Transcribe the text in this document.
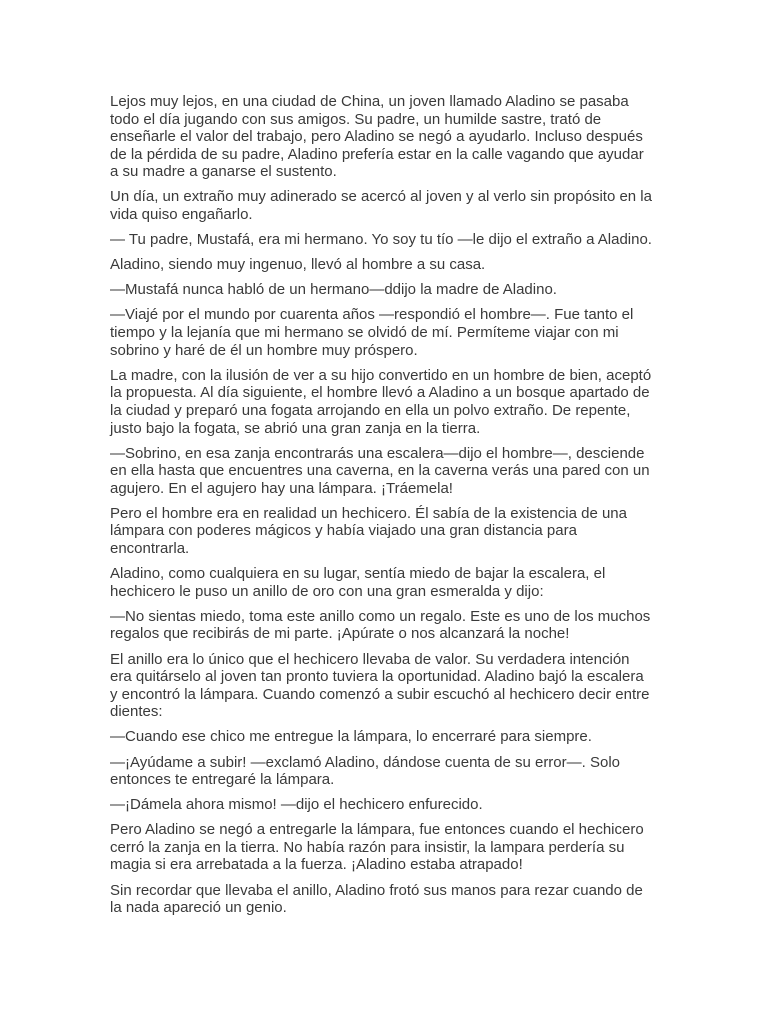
Lejos muy lejos, en una ciudad de China, un joven llamado Aladino se pasaba todo el día jugando con sus amigos. Su padre, un humilde sastre, trató de enseñarle el valor del trabajo, pero Aladino se negó a ayudarlo. Incluso después de la pérdida de su padre, Aladino prefería estar en la calle vagando que ayudar a su madre a ganarse el sustento.

Un día, un extraño muy adinerado se acercó al joven y al verlo sin propósito en la vida quiso engañarlo.

— Tu padre, Mustafá, era mi hermano. Yo soy tu tío —le dijo el extraño a Aladino.

Aladino, siendo muy ingenuo, llevó al hombre a su casa.

—Mustafá nunca habló de un hermano—ddijo la madre de Aladino.

—Viajé por el mundo por cuarenta años —respondió el hombre—. Fue tanto el tiempo y la lejanía que mi hermano se olvidó de mí. Permíteme viajar con mi sobrino y haré de él un hombre muy próspero.

La madre, con la ilusión de ver a su hijo convertido en un hombre de bien, aceptó la propuesta. Al día siguiente, el hombre llevó a Aladino a un bosque apartado de la ciudad y preparó una fogata arrojando en ella un polvo extraño. De repente, justo bajo la fogata, se abrió una gran zanja en la tierra.

—Sobrino, en esa zanja encontrarás una escalera—dijo el hombre—, desciende en ella hasta que encuentres una caverna, en la caverna verás una pared con un agujero. En el agujero hay una lámpara. ¡Tráemela!

Pero el hombre era en realidad un hechicero. Él sabía de la existencia de una lámpara con poderes mágicos y había viajado una gran distancia para encontrarla.

Aladino, como cualquiera en su lugar, sentía miedo de bajar la escalera, el hechicero le puso un anillo de oro con una gran esmeralda y dijo:

—No sientas miedo, toma este anillo como un regalo. Este es uno de los muchos regalos que recibirás de mi parte. ¡Apúrate o nos alcanzará la noche!

El anillo era lo único que el hechicero llevaba de valor. Su verdadera intención era quitárselo al joven tan pronto tuviera la oportunidad. Aladino bajó la escalera y encontró la lámpara. Cuando comenzó a subir escuchó al hechicero decir entre dientes:

—Cuando ese chico me entregue la lámpara, lo encerraré para siempre.

—¡Ayúdame a subir! —exclamó Aladino, dándose cuenta de su error—. Solo entonces te entregaré la lámpara.

—¡Dámela ahora mismo! —dijo el hechicero enfurecido.

Pero Aladino se negó a entregarle la lámpara, fue entonces cuando el hechicero cerró la zanja en la tierra. No había razón para insistir, la lampara perdería su magia si era arrebatada a la fuerza. ¡Aladino estaba atrapado!

Sin recordar que llevaba el anillo, Aladino frotó sus manos para rezar cuando de la nada apareció un genio.
